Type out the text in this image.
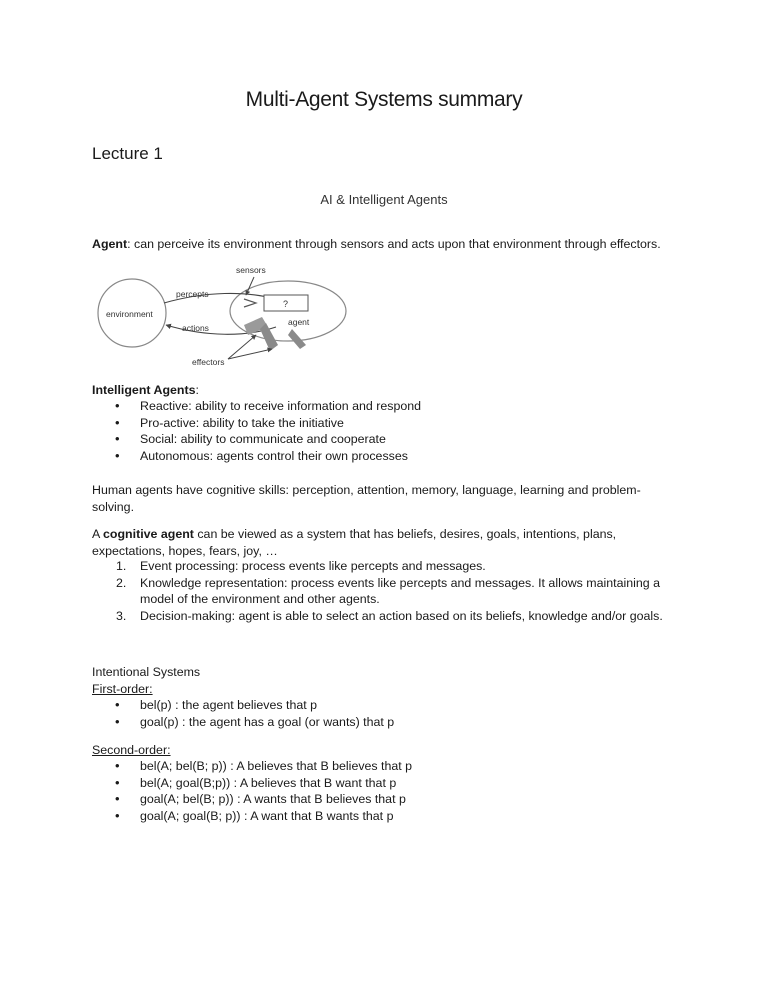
Multi-Agent Systems summary
Lecture 1

AI & Intelligent Agents

Agent: can perceive its environment through sensors and acts upon that environment through effectors.

environment
percepts
actions
sensors
?
agent
effectors

Intelligent Agents:

• Reactive: ability to receive information and respond
• Pro-active: ability to take the initiative
• Social: ability to communicate and cooperate
• Autonomous: agents control their own processes

Human agents have cognitive skills: perception, attention, memory, language, learning and problem-solving.

A cognitive agent can be viewed as a system that has beliefs, desires, goals, intentions, plans, expectations, hopes, fears, joy, …

1. Event processing: process events like percepts and messages.
2. Knowledge representation: process events like percepts and messages. It allows maintaining a model of the environment and other agents.
3. Decision-making: agent is able to select an action based on its beliefs, knowledge and/or goals.

Intentional Systems

First-order:

• bel(p) : the agent believes that p
• goal(p) : the agent has a goal (or wants) that p

Second-order:

• bel(A; bel(B; p)) : A believes that B believes that p
• bel(A; goal(B;p)) : A believes that B want that p
• goal(A; bel(B; p)) : A wants that B believes that p
• goal(A; goal(B; p)) : A want that B wants that p
